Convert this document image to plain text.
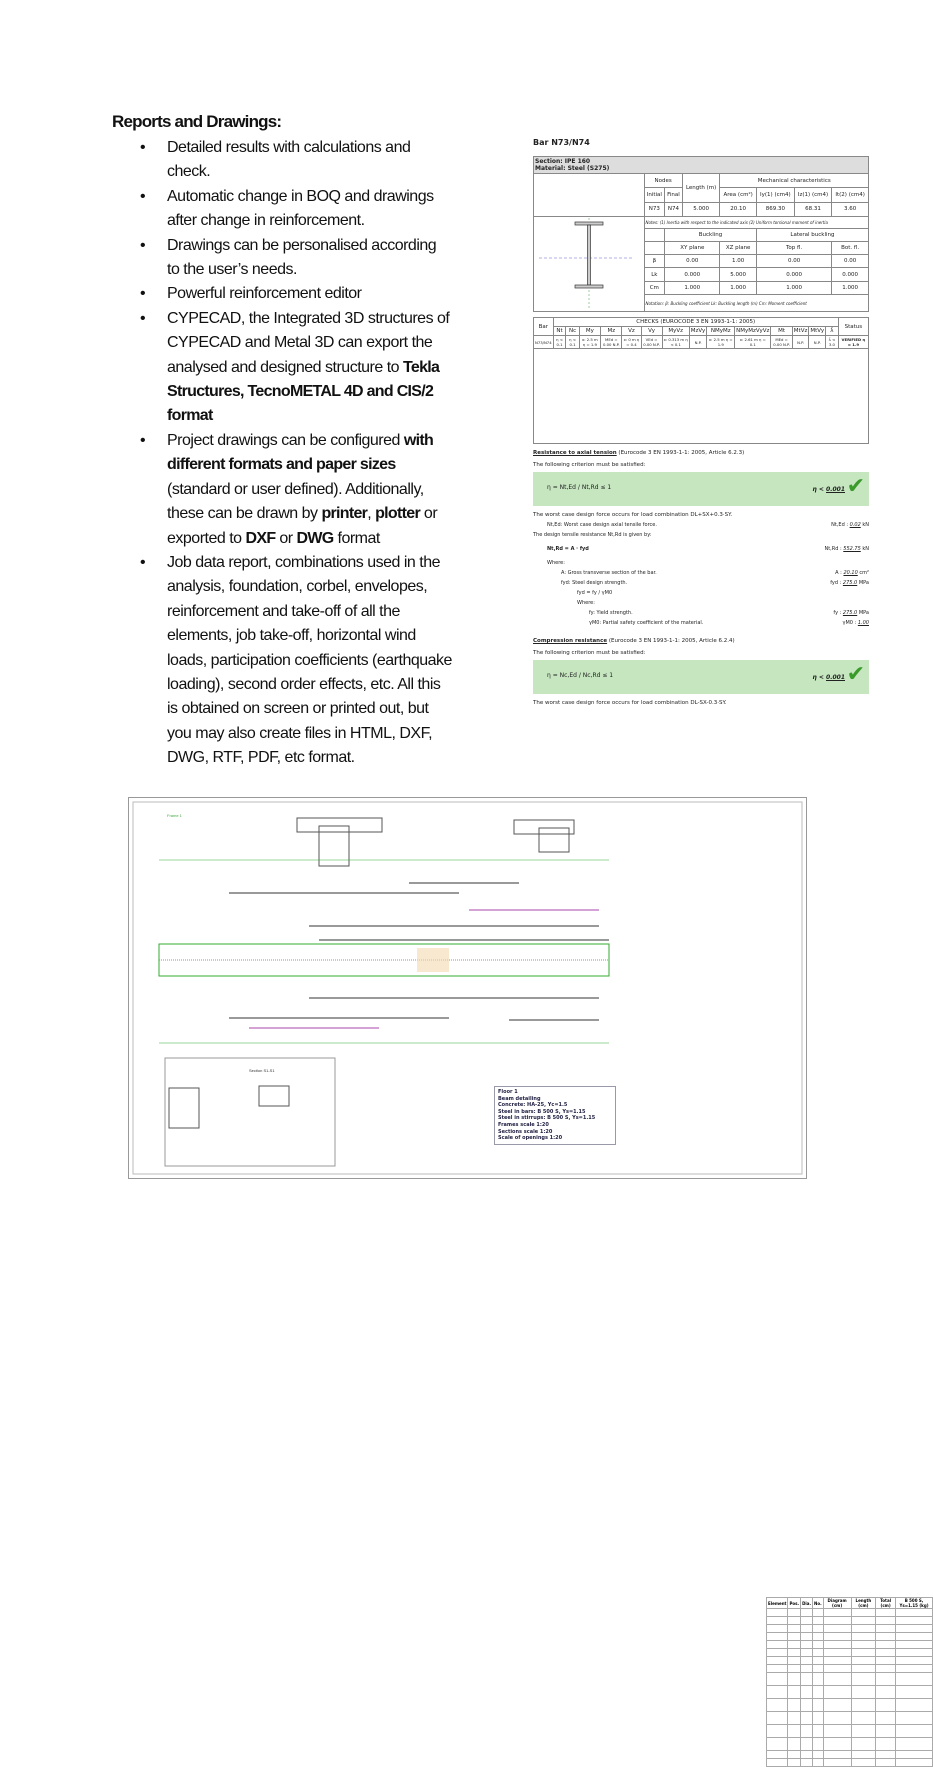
Reports and Drawings:
• Detailed results with calculations and check.
• Automatic change in BOQ and drawings after change in reinforcement.
• Drawings can be personalised according to the user’s needs.
• Powerful reinforcement editor
• CYPECAD, the Integrated 3D structures of CYPECAD and Metal 3D can export the analysed and designed structure to Tekla Structures, TecnoMETAL 4D and CIS/2 format
• Project drawings can be configured with different formats and paper sizes (standard or user defined). Additionally, these can be drawn by printer, plotter or exported to DXF or DWG format
• Job data report, combinations used in the analysis, foundation, corbel, envelopes, reinforcement and take-off of all the elements, job take-off, horizontal wind loads, participation coefficients (earthquake loading), second order effects, etc. All this is obtained on screen or printed out, but you may also create files in HTML, DXF, DWG, RTF, PDF, etc format.
Bar N73/N74
Section: IPE 160
Material: Steel (S275)							

	Nodes		Length (m)	Mechanical characteristics			
	Initial	Final		Area (cm²)	Iy(1) (cm4)	Iz(1) (cm4)	It(2) (cm4)
	N73	N74	5.000	20.10	869.30	68.31	3.60
	Notes: (1) Inertia with respect to the indicated axis (2) Uniform torsional moment of inertia						
		Buckling			Lateral buckling		
		XY plane		XZ plane	Top fl.		Bot. fl.
	β	0.00		1.00	0.00		0.00
	Lk	0.000		5.000	0.000		0.000
	Cm	1.000		1.000	1.000		1.000
	Notation: β: Buckling coefficient Lk: Buckling length (m) Cm: Moment coefficient						
Bar	CHECKS (EUROCODE 3 EN 1993-1-1: 2005)														Status
	Nt	Nc	My	Mz	Vz	Vy	MyVz	MzVy	NMyMz	NMyMzVyVz	Mt	MtVz	MtVy	λ̄	
N73/N74	η < 0.1	η < 0.1	x: 2.5 m η = 1.9	MEd = 0.00 N.P.	x: 0 m η = 0.4	VEd = 0.00 N.P.	x: 0.313 m η < 0.1	N.P.	x: 2.5 m η = 1.9	x: 2.61 m η = 0.1	MEd = 0.00 N.P.	N.P.	N.P.	λ̄ < 3.0	VERIFIED η = 1.9

Resistance to axial tension (Eurocode 3 EN 1993-1-1: 2005, Article 6.2.3)
The following criterion must be satisfied:
η = Nt,Ed / Nt,Rd ≤ 1	η < 0.001 ✔
The worst case design force occurs for load combination DL+SX+0.3·SY.
Nt,Ed: Worst case design axial tensile force.	Nt,Ed : 0.02 kN
The design tensile resistance Nt,Rd is given by:
Nt,Rd = A · fyd	Nt,Rd : 552.75 kN
Where:
A: Gross transverse section of the bar.	A : 20.10 cm²
fyd: Steel design strength.	fyd : 275.0 MPa
fyd = fy / γM0
Where:
fy: Yield strength.	fy : 275.0 MPa
γM0: Partial safety coefficient of the material.	γM0 : 1.00
Compression resistance (Eurocode 3 EN 1993-1-1: 2005, Article 6.2.4)
The following criterion must be satisfied:
η = Nc,Ed / Nc,Rd ≤ 1	η < 0.001 ✔
The worst case design force occurs for load combination DL-SX-0.3·SY.
Frame 1
Section S1-S1
Element	Pos.	Dia.	No.	Diagram (cm)	Length (cm)	Total (cm)	B 500 S, Ys=1.15 (kg)

Floor 1
Beam detailing
Concrete: HA-25, Yc=1.5
Steel in bars: B 500 S, Ys=1.15
Steel in stirrups: B 500 S, Ys=1.15
Frames scale 1:20
Sections scale 1:20
Scale of openings 1:20
